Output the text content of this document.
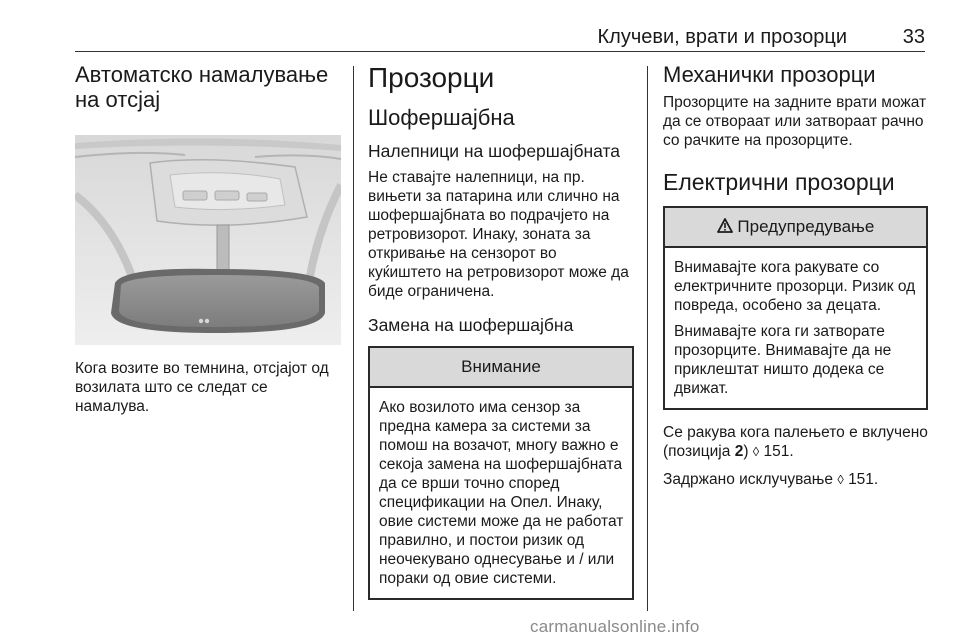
Клучеви, врати и прозорци	33
Автоматско намалување на отсјај

Кога возите во темнина, отсјајот од возилата што се следат се намалува.

Прозорци
Шофершајбна
Налепници на шофершајбната

Не ставајте налепници, на пр. вињети за патарина или слично на шофершајбната во подрачјето на ретровизорот. Инаку, зоната за откривање на сензорот во куќиштето на ретровизорот може да биде ограничена.

Замена на шофершајбна
Внимание

Ако возилото има сензор за предна камера за системи за помош на возачот, многу важно е секоја замена на шофершајбната да се врши точно според спецификации на Опел. Инаку, овие системи може да не работат правилно, и постои ризик од неочекувано однесување и / или пораки од овие системи.

Механички прозорци

Прозорците на задните врати можат да се отвораат или затвораат рачно со рачките на прозорците.

Електрични прозорци
Предупредување

Внимавајте кога ракувате со електричните прозорци. Ризик од повреда, особено за децата.

Внимавајте кога ги затворате прозорците. Внимавајте да не приклештат ништо додека се движат.

Се ракува кога палењето е вклучено (позиција 2) ◊ 151.

Задржано исклучување ◊ 151.

carmanualsonline.info
